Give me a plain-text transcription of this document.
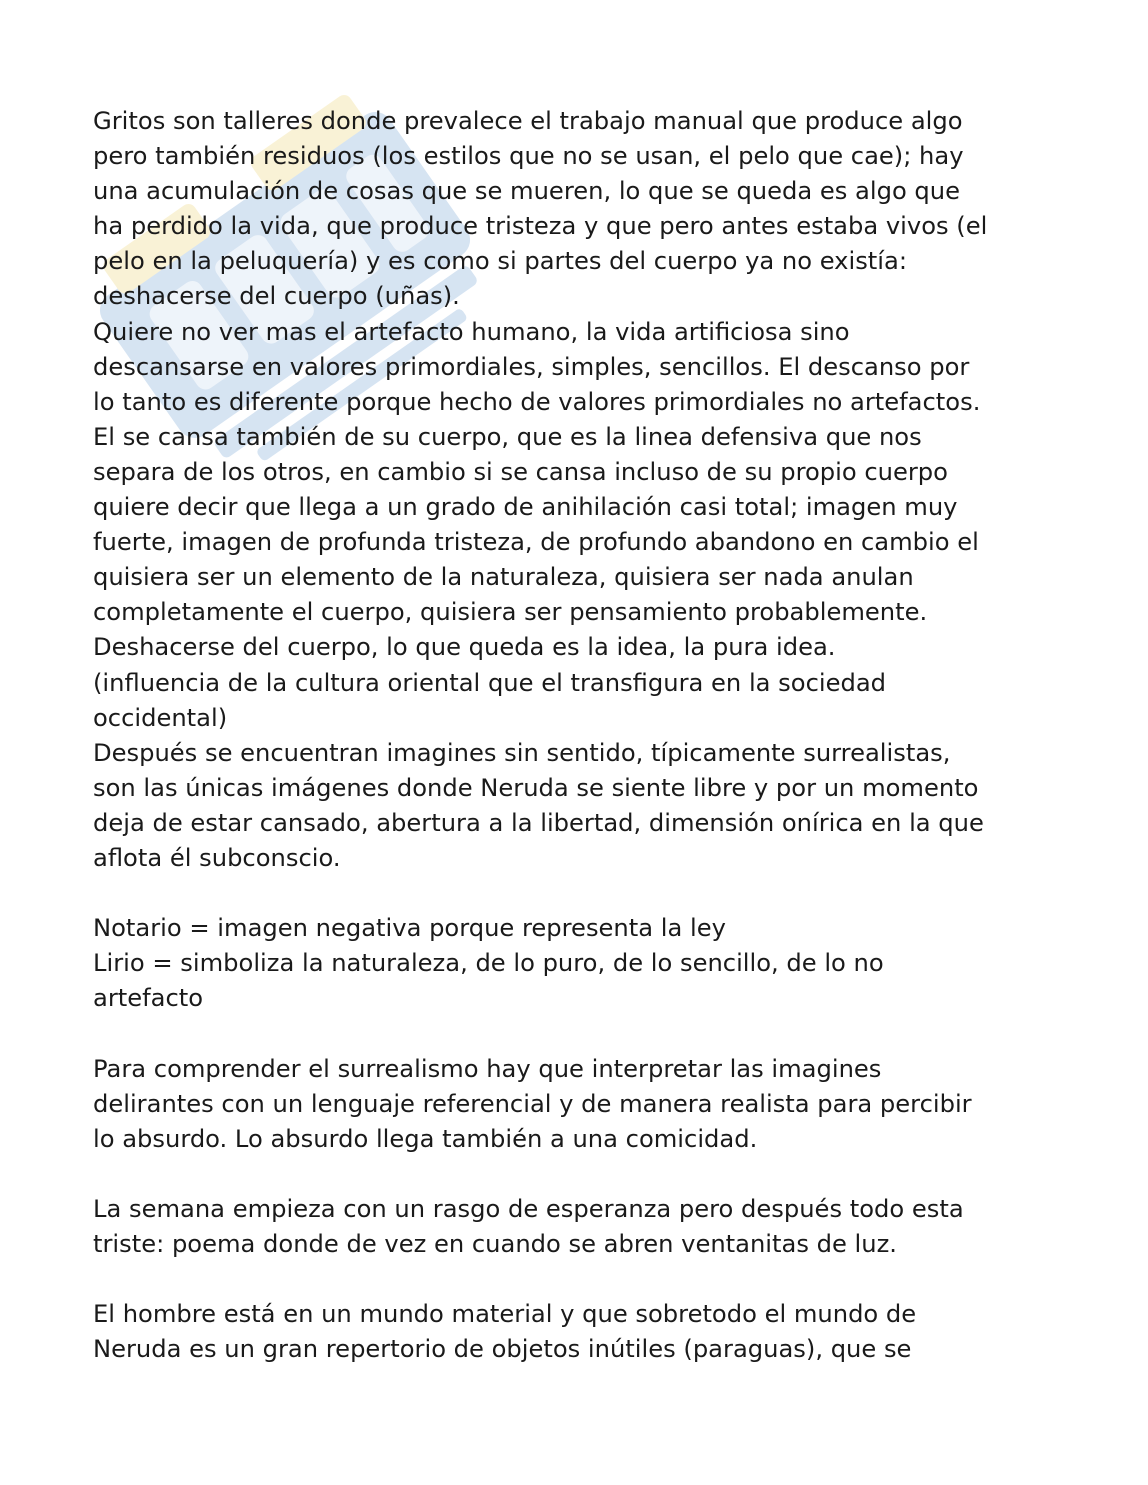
Gritos son talleres donde prevalece el trabajo manual que produce algo
pero también residuos (los estilos que no se usan, el pelo que cae); hay
una acumulación de cosas que se mueren, lo que se queda es algo que
ha perdido la vida, que produce tristeza y que pero antes estaba vivos (el
pelo en la peluquería) y es como si partes del cuerpo ya no existía:
deshacerse del cuerpo (uñas).

Quiere no ver mas el artefacto humano, la vida artificiosa sino
descansarse en valores primordiales, simples, sencillos. El descanso por
lo tanto es diferente porque hecho de valores primordiales no artefactos.
El se cansa también de su cuerpo, que es la linea defensiva que nos
separa de los otros, en cambio si se cansa incluso de su propio cuerpo
quiere decir que llega a un grado de anihilación casi total; imagen muy
fuerte, imagen de profunda tristeza, de profundo abandono en cambio el
quisiera ser un elemento de la naturaleza, quisiera ser nada anulan
completamente el cuerpo, quisiera ser pensamiento probablemente.

Deshacerse del cuerpo, lo que queda es la idea, la pura idea.

(influencia de la cultura oriental que el transfigura en la sociedad
occidental)

Después se encuentran imagines sin sentido, típicamente surrealistas,
son las únicas imágenes donde Neruda se siente libre y por un momento
deja de estar cansado, abertura a la libertad, dimensión onírica en la que
aflota él subconscio.

Notario = imagen negativa porque representa la ley

Lirio = simboliza la naturaleza, de lo puro, de lo sencillo, de lo no
artefacto

Para comprender el surrealismo hay que interpretar las imagines
delirantes con un lenguaje referencial y de manera realista para percibir
lo absurdo. Lo absurdo llega también a una comicidad.

La semana empieza con un rasgo de esperanza pero después todo esta
triste: poema donde de vez en cuando se abren ventanitas de luz.

El hombre está en un mundo material y que sobretodo el mundo de
Neruda es un gran repertorio de objetos inútiles (paraguas), que se
